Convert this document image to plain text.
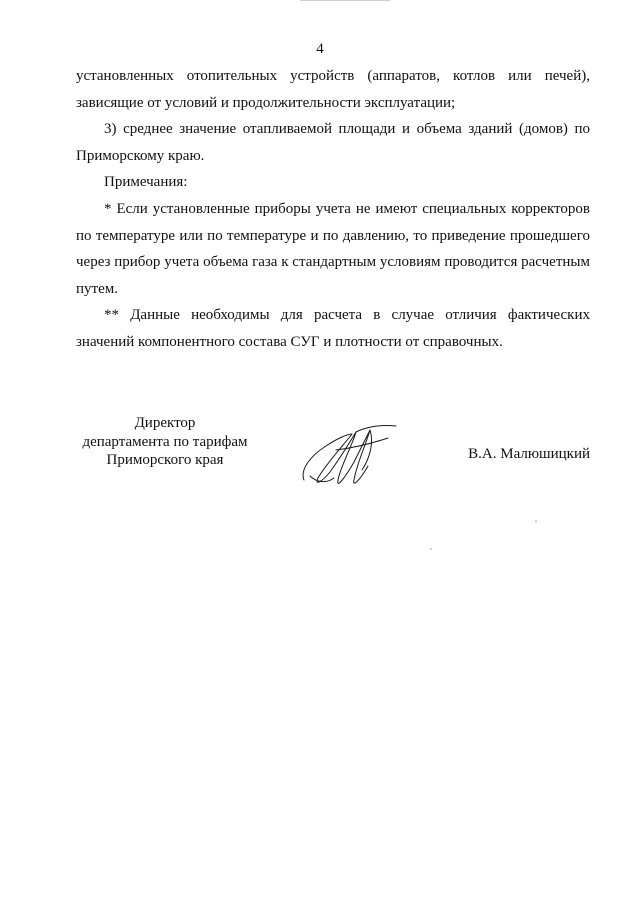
4
установленных отопительных устройств (аппаратов, котлов или печей),
зависящие от условий и продолжительности эксплуатации;
3) среднее значение отапливаемой площади и объема зданий (домов) по
Приморскому краю.
Примечания:
* Если установленные приборы учета не имеют специальных корректоров
по температуре или по температуре и по давлению, то приведение прошедшего
через прибор учета объема газа к стандартным условиям проводится расчетным
путем.
** Данные необходимы для расчета в случае отличия фактических
значений компонентного состава СУГ и плотности от справочных.
Директор
департамента по тарифам
Приморского края	В.А. Малюшицкий
